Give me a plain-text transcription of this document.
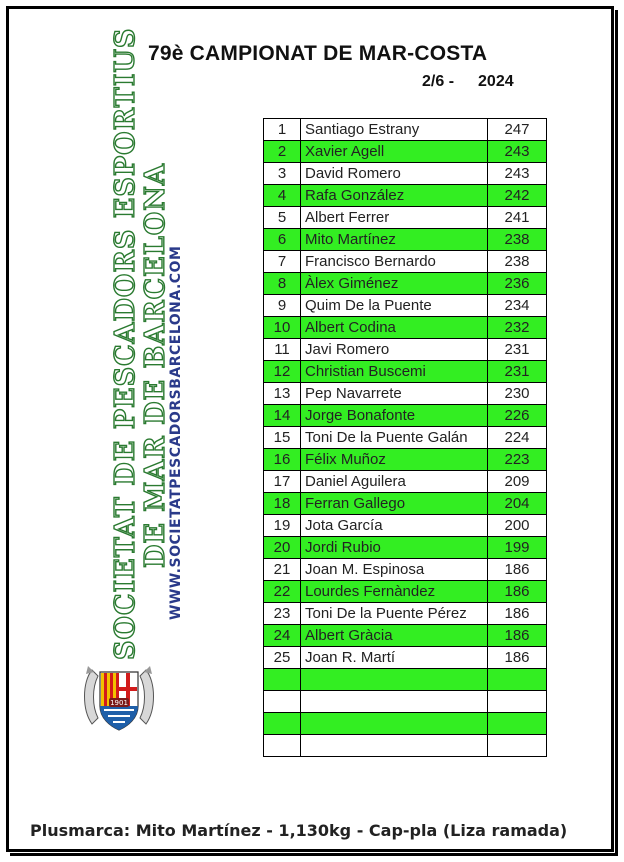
79è CAMPIONAT DE MAR-COSTA
2/6 - 2024
SOCIETAT DE PESCADORS ESPORTIUS DE MAR DE BARCELONA
WWW.SOCIETATPESCADORSBARCELONA.COM
1901
1	Santiago Estrany	247
2	Xavier Agell	243
3	David Romero	243
4	Rafa González	242
5	Albert Ferrer	241
6	Mito Martínez	238
7	Francisco Bernardo	238
8	Àlex Giménez	236
9	Quim De la Puente	234
10	Albert Codina	232
11	Javi Romero	231
12	Christian Buscemi	231
13	Pep Navarrete	230
14	Jorge Bonafonte	226
15	Toni De la Puente Galán	224
16	Félix Muñoz	223
17	Daniel Aguilera	209
18	Ferran Gallego	204
19	Jota García	200
20	Jordi Rubio	199
21	Joan M. Espinosa	186
22	Lourdes Fernàndez	186
23	Toni De la Puente Pérez	186
24	Albert Gràcia	186
25	Joan R. Martí	186

Plusmarca: Mito Martínez - 1,130kg - Cap-pla (Liza ramada)
